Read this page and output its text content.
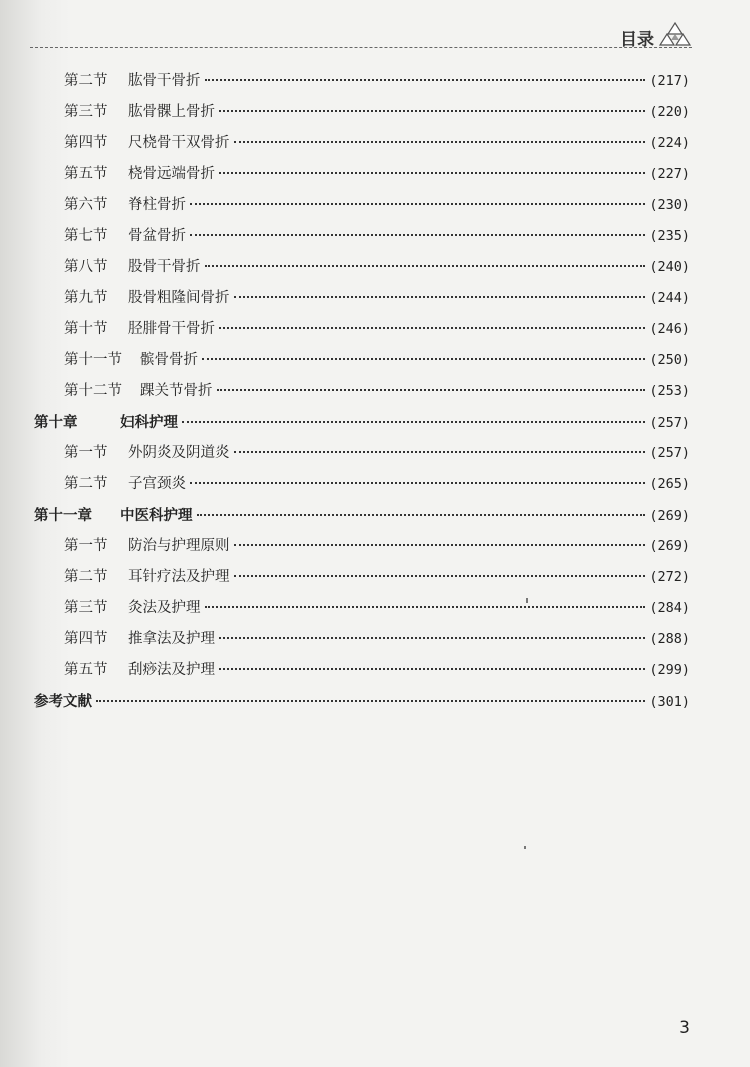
目录
第二节	肱骨干骨折	(217)
第三节	肱骨髁上骨折	(220)
第四节	尺桡骨干双骨折	(224)
第五节	桡骨远端骨折	(227)
第六节	脊柱骨折	(230)
第七节	骨盆骨折	(235)
第八节	股骨干骨折	(240)
第九节	股骨粗隆间骨折	(244)
第十节	胫腓骨干骨折	(246)
第十一节	髌骨骨折	(250)
第十二节	踝关节骨折	(253)
第十章	妇科护理	(257)
第一节	外阴炎及阴道炎	(257)
第二节	子宫颈炎	(265)
第十一章	中医科护理	(269)
第一节	防治与护理原则	(269)
第二节	耳针疗法及护理	(272)
第三节	灸法及护理	(284)
第四节	推拿法及护理	(288)
第五节	刮痧法及护理	(299)
参考文献	(301)
3
